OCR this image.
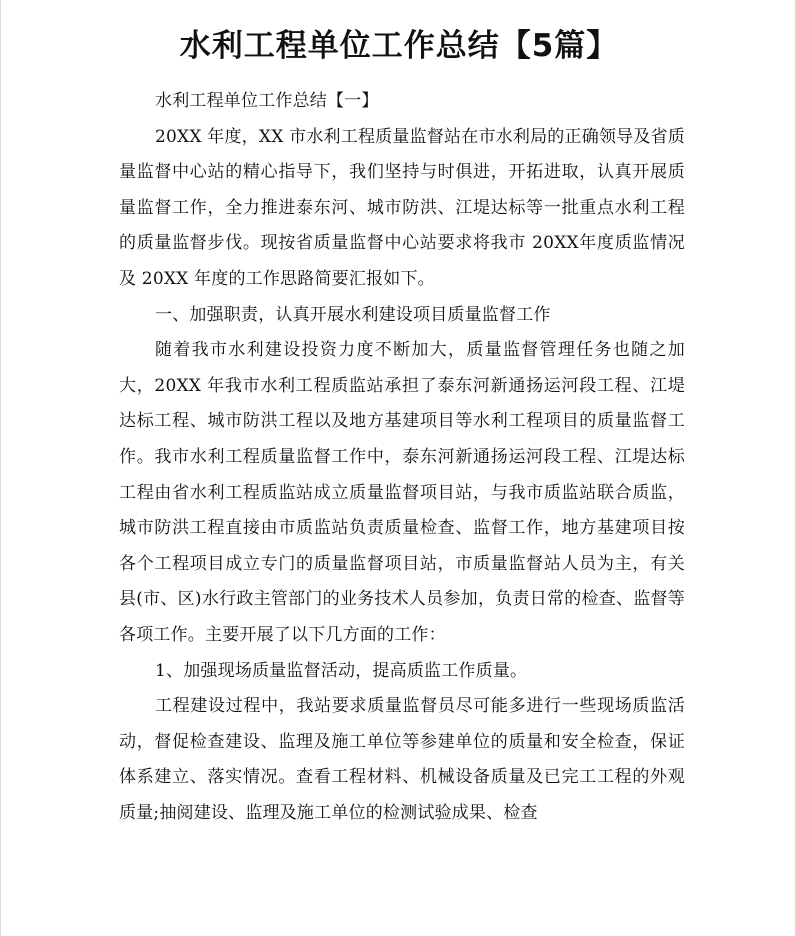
水利工程单位工作总结【5篇】

水利工程单位工作总结【一】

20XX 年度，XX 市水利工程质量监督站在市水利局的正确领导及省质量监督中心站的精心指导下，我们坚持与时俱进，开拓进取，认真开展质量监督工作，全力推进泰东河、城市防洪、江堤达标等一批重点水利工程的质量监督步伐。现按省质量监督中心站要求将我市 20XX年度质监情况及 20XX 年度的工作思路简要汇报如下。

一、加强职责，认真开展水利建设项目质量监督工作

随着我市水利建设投资力度不断加大，质量监督管理任务也随之加大，20XX 年我市水利工程质监站承担了泰东河新通扬运河段工程、江堤达标工程、城市防洪工程以及地方基建项目等水利工程项目的质量监督工作。我市水利工程质量监督工作中，泰东河新通扬运河段工程、江堤达标工程由省水利工程质监站成立质量监督项目站，与我市质监站联合质监，城市防洪工程直接由市质监站负责质量检查、监督工作，地方基建项目按各个工程项目成立专门的质量监督项目站，市质量监督站人员为主，有关县(市、区)水行政主管部门的业务技术人员参加，负责日常的检查、监督等各项工作。主要开展了以下几方面的工作：

1、加强现场质量监督活动，提高质监工作质量。

工程建设过程中，我站要求质量监督员尽可能多进行一些现场质监活动，督促检查建设、监理及施工单位等参建单位的质量和安全检查，保证体系建立、落实情况。查看工程材料、机械设备质量及已完工工程的外观质量;抽阅建设、监理及施工单位的检测试验成果、检查
